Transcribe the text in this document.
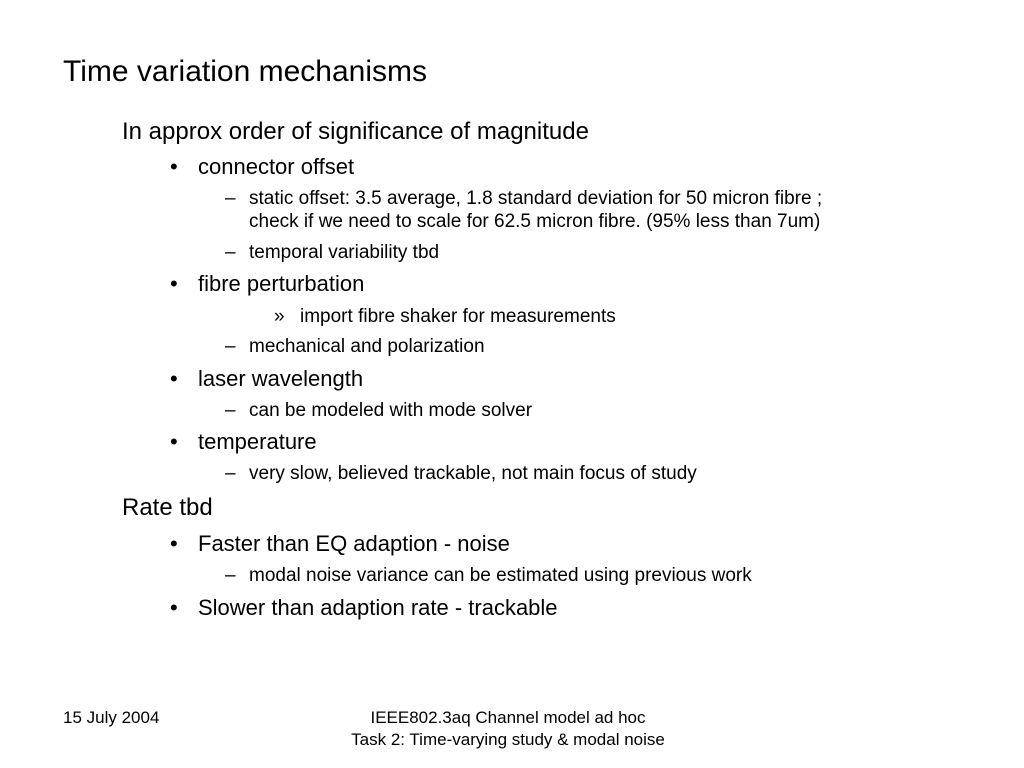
Time variation mechanisms
In approx order of significance of magnitude
• connector offset
– static offset: 3.5 average, 1.8 standard deviation for 50 micron fibre ;
check if we need to scale for 62.5 micron fibre. (95% less than 7um)
– temporal variability tbd
• fibre perturbation
» import fibre shaker for measurements
– mechanical and polarization
• laser wavelength
– can be modeled with mode solver
• temperature
– very slow, believed trackable, not main focus of study
Rate tbd
• Faster than EQ adaption - noise
– modal noise variance can be estimated using previous work
• Slower than adaption rate - trackable
15 July 2004	IEEE802.3aq Channel model ad hoc
Task 2: Time-varying study & modal noise
